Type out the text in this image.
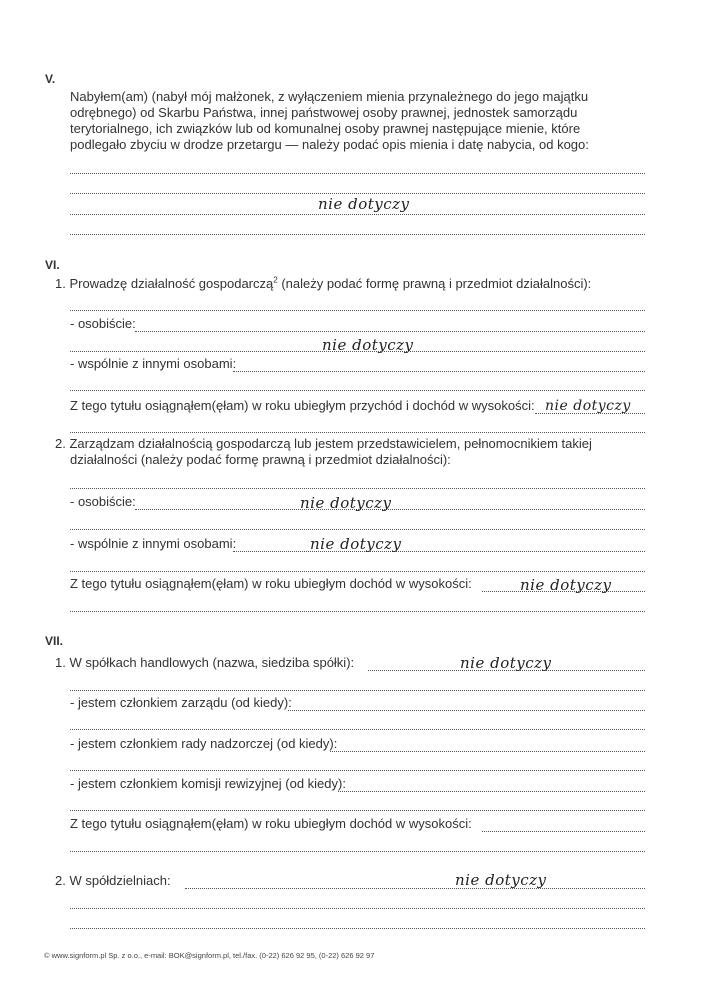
V.
Nabyłem(am) (nabył mój małżonek, z wyłączeniem mienia przynależnego do jego majątku
odrębnego) od Skarbu Państwa, innej państwowej osoby prawnej, jednostek samorządu
terytorialnego, ich związków lub od komunalnej osoby prawnej następujące mienie, które
podlegało zbyciu w drodze przetargu — należy podać opis mienia i datę nabycia, od kogo:
nie dotyczy
VI.
1. Prowadzę działalność gospodarczą$^2$ (należy podać formę prawną i przedmiot działalności):
- osobiście:
nie dotyczy
- wspólnie z innymi osobami:
Z tego tytułu osiągnąłem(ęłam) w roku ubiegłym przychód i dochód w wysokości: nie dotyczy
2. Zarządzam działalnością gospodarczą lub jestem przedstawicielem, pełnomocnikiem takiej
działalności (należy podać formę prawną i przedmiot działalności):
- osobiście:	nie dotyczy
- wspólnie z innymi osobami:	nie dotyczy
Z tego tytułu osiągnąłem(ęłam) w roku ubiegłym dochód w wysokości:	nie dotyczy
VII.
1. W spółkach handlowych (nazwa, siedziba spółki):	nie dotyczy
- jestem członkiem zarządu (od kiedy):
- jestem członkiem rady nadzorczej (od kiedy):
- jestem członkiem komisji rewizyjnej (od kiedy):
Z tego tytułu osiągnąłem(ęłam) w roku ubiegłym dochód w wysokości:
2. W spółdzielniach:	nie dotyczy
© www.signform.pl Sp. z o.o., e-mail: BOK@signform.pl, tel./fax. (0-22) 626 92 95, (0-22) 626 92 97
